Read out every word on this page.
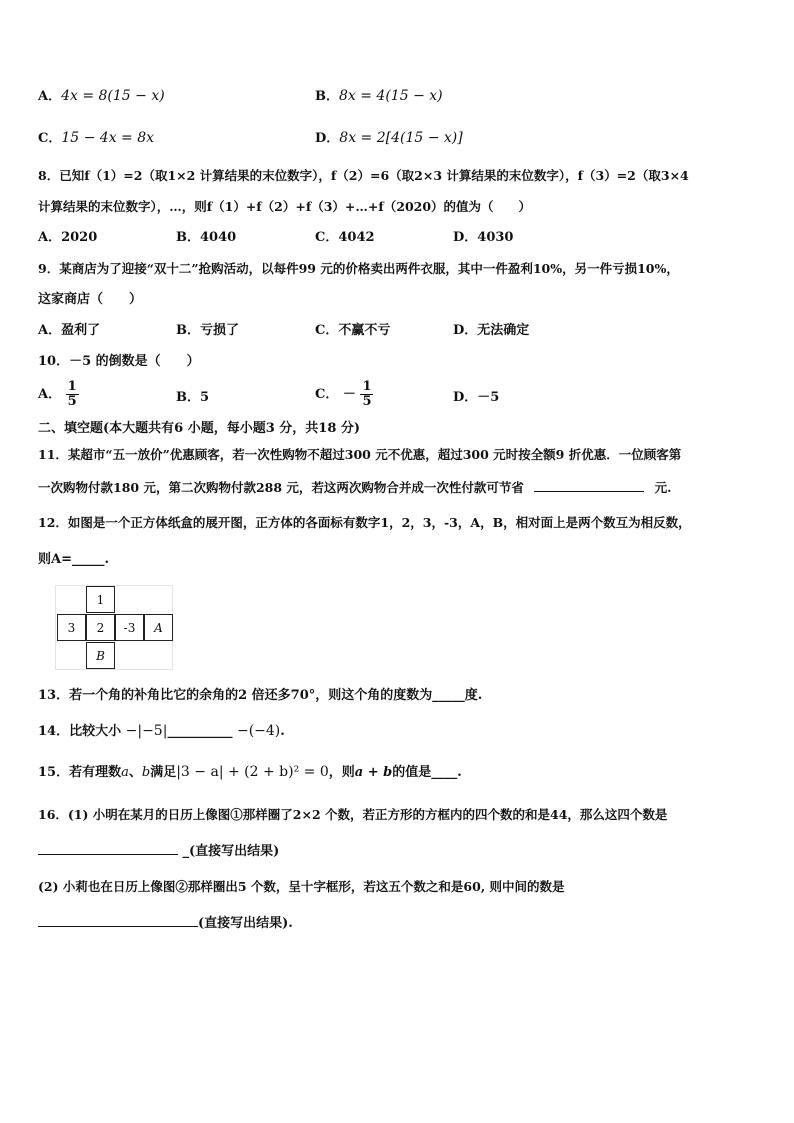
A．4x = 8(15 − x)	B．8x = 4(15 − x)
C．15 − 4x = 8x	D．8x = 2[4(15 − x)]
8．已知f（1）=2（取1×2 计算结果的末位数字），f（2）=6（取2×3 计算结果的末位数字），f（3）=2（取3×4
计算结果的末位数字），…，则f（1）+f（2）+f（3）+…+f（2020）的值为（　　）
A．2020	B．4040	C．4042	D．4030
9．某商店为了迎接“双十二”抢购活动，以每件99 元的价格卖出两件衣服，其中一件盈利10%，另一件亏损10%，
这家商店（　　）
A．盈利了	B．亏损了	C．不赢不亏	D．无法确定
10．－5 的倒数是（　　）
A． $\frac{1}{5}$	B．5	C． － $\frac{1}{5}$	D．－5
二、填空题(本大题共有6 小题，每小题3 分，共18 分)
11．某超市“五一放价”优惠顾客，若一次性购物不超过300 元不优惠，超过300 元时按全额9 折优惠．一位顾客第
一次购物付款180 元，第二次购物付款288 元，若这两次购物合并成一次性付款可节省	元.
12．如图是一个正方体纸盒的展开图，正方体的各面标有数字1，2，3，-3，A，B，相对面上是两个数互为相反数，
则A=_____.
1
3	2	-3	A
B
13．若一个角的补角比它的余角的2 倍还多70°，则这个角的度数为_____度.
14．比较大小 −|−5|__________ −(−4).
15．若有理数a、b满足|3 − a| + (2 + b)² = 0，则a + b的值是____.
16．(1) 小明在某月的日历上像图①那样圈了2×2 个数，若正方形的方框内的四个数的和是44，那么这四个数是
_(直接写出结果)
(2) 小莉也在日历上像图②那样圈出5 个数，呈十字框形，若这五个数之和是60, 则中间的数是
(直接写出结果).
